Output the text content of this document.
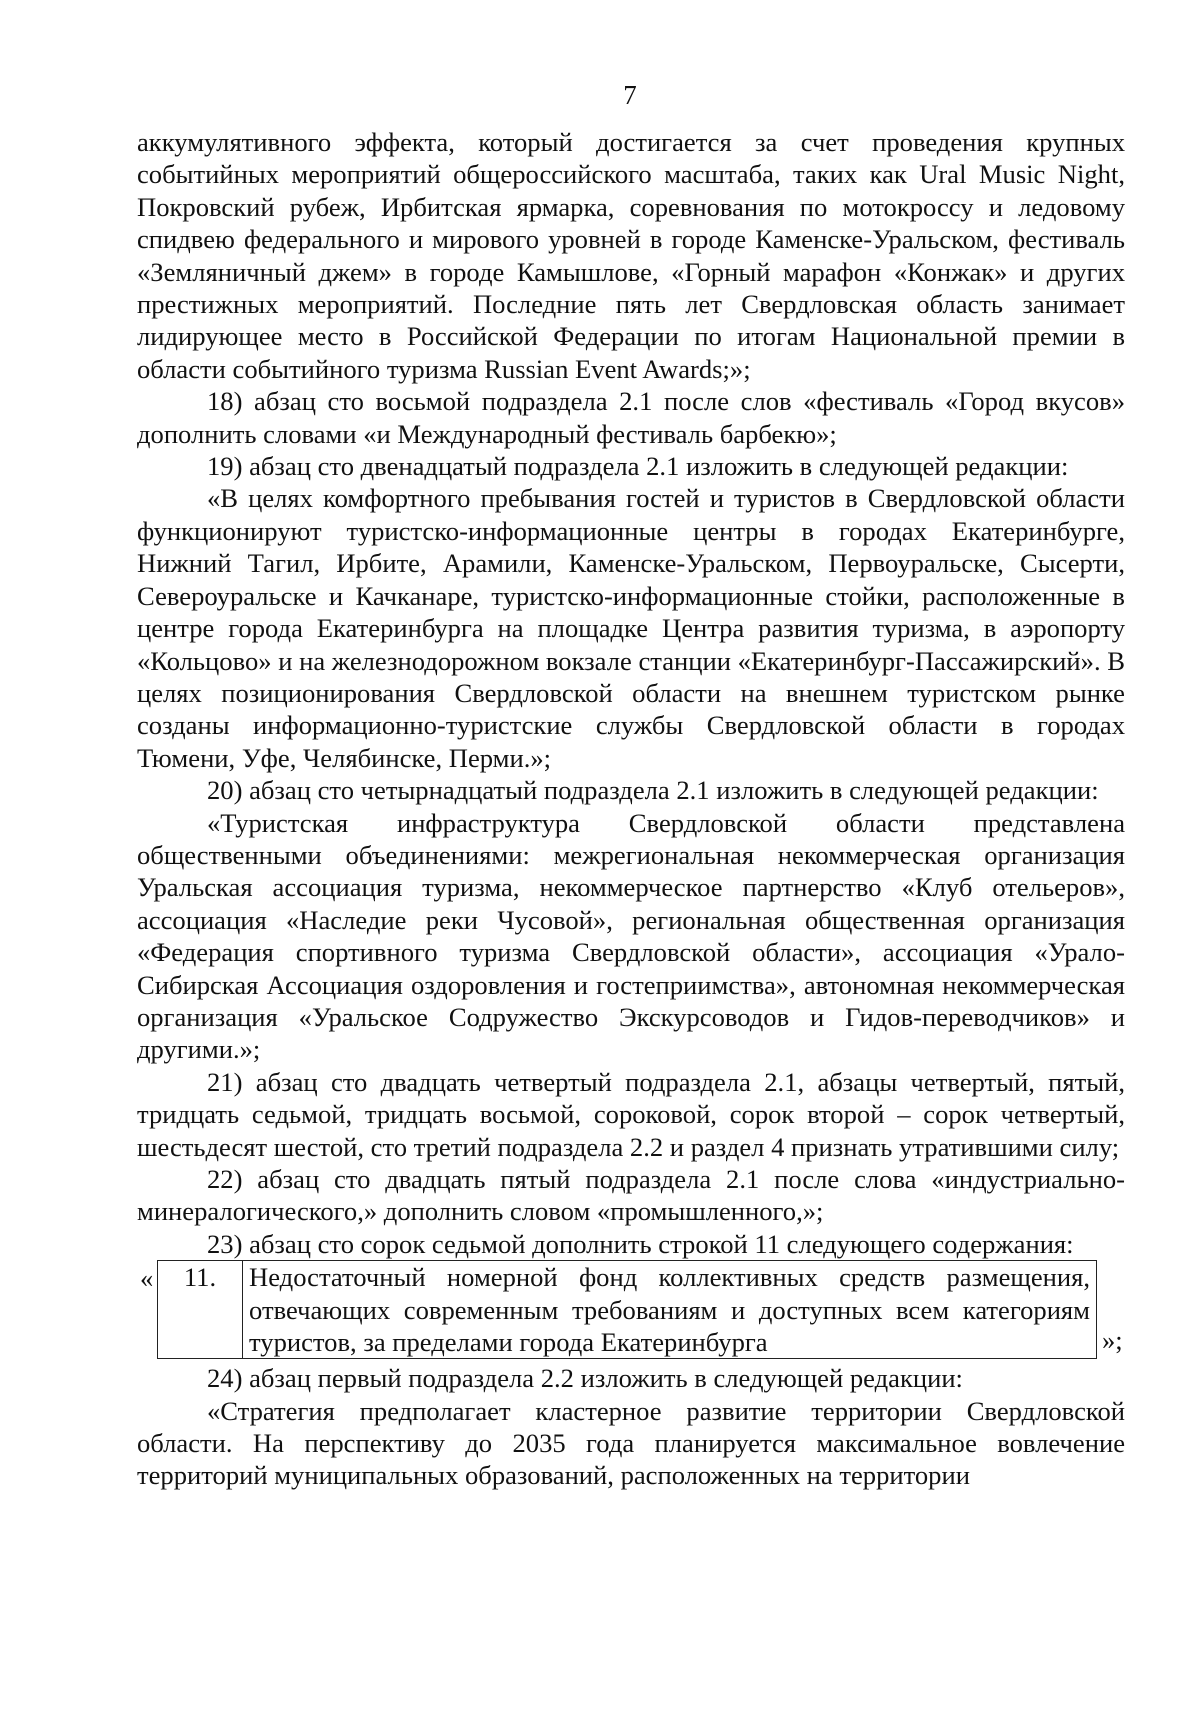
7

аккумулятивного эффекта, который достигается за счет проведения крупных событийных мероприятий общероссийского масштаба, таких как Ural Music Night, Покровский рубеж, Ирбитская ярмарка, соревнования по мотокроссу и ледовому спидвею федерального и мирового уровней в городе Каменске-Уральском, фестиваль «Земляничный джем» в городе Камышлове, «Горный марафон «Конжак» и других престижных мероприятий. Последние пять лет Свердловская область занимает лидирующее место в Российской Федерации по итогам Национальной премии в области событийного туризма Russian Event Awards;»;

18) абзац сто восьмой подраздела 2.1 после слов «фестиваль «Город вкусов» дополнить словами «и Международный фестиваль барбекю»;

19) абзац сто двенадцатый подраздела 2.1 изложить в следующей редакции:

«В целях комфортного пребывания гостей и туристов в Свердловской области функционируют туристско-информационные центры в городах Екатеринбурге, Нижний Тагил, Ирбите, Арамили, Каменске-Уральском, Первоуральске, Сысерти, Североуральске и Качканаре, туристско-информационные стойки, расположенные в центре города Екатеринбурга на площадке Центра развития туризма, в аэропорту «Кольцово» и на железнодорожном вокзале станции «Екатеринбург-Пассажирский». В целях позиционирования Свердловской области на внешнем туристском рынке созданы информационно-туристские службы Свердловской области в городах Тюмени, Уфе, Челябинске, Перми.»;

20) абзац сто четырнадцатый подраздела 2.1 изложить в следующей редакции:

«Туристская инфраструктура Свердловской области представлена общественными объединениями: межрегиональная некоммерческая организация Уральская ассоциация туризма, некоммерческое партнерство «Клуб отельеров», ассоциация «Наследие реки Чусовой», региональная общественная организация «Федерация спортивного туризма Свердловской области», ассоциация «Урало-Сибирская Ассоциация оздоровления и гостеприимства», автономная некоммерческая организация «Уральское Содружество Экскурсоводов и Гидов-переводчиков» и другими.»;

21) абзац сто двадцать четвертый подраздела 2.1, абзацы четвертый, пятый, тридцать седьмой, тридцать восьмой, сороковой, сорок второй – сорок четвертый, шестьдесят шестой, сто третий подраздела 2.2 и раздел 4 признать утратившими силу;

22) абзац сто двадцать пятый подраздела 2.1 после слова «индустриально-минералогического,» дополнить словом «промышленного,»;

23) абзац сто сорок седьмой дополнить строкой 11 следующего содержания:

« 11.	Недостаточный номерной фонд коллективных средств размещения, отвечающих современным требованиям и доступных всем категориям туристов, за пределами города Екатеринбурга	»;

24) абзац первый подраздела 2.2 изложить в следующей редакции:

«Стратегия предполагает кластерное развитие территории Свердловской области. На перспективу до 2035 года планируется максимальное вовлечение территорий муниципальных образований, расположенных на территории
